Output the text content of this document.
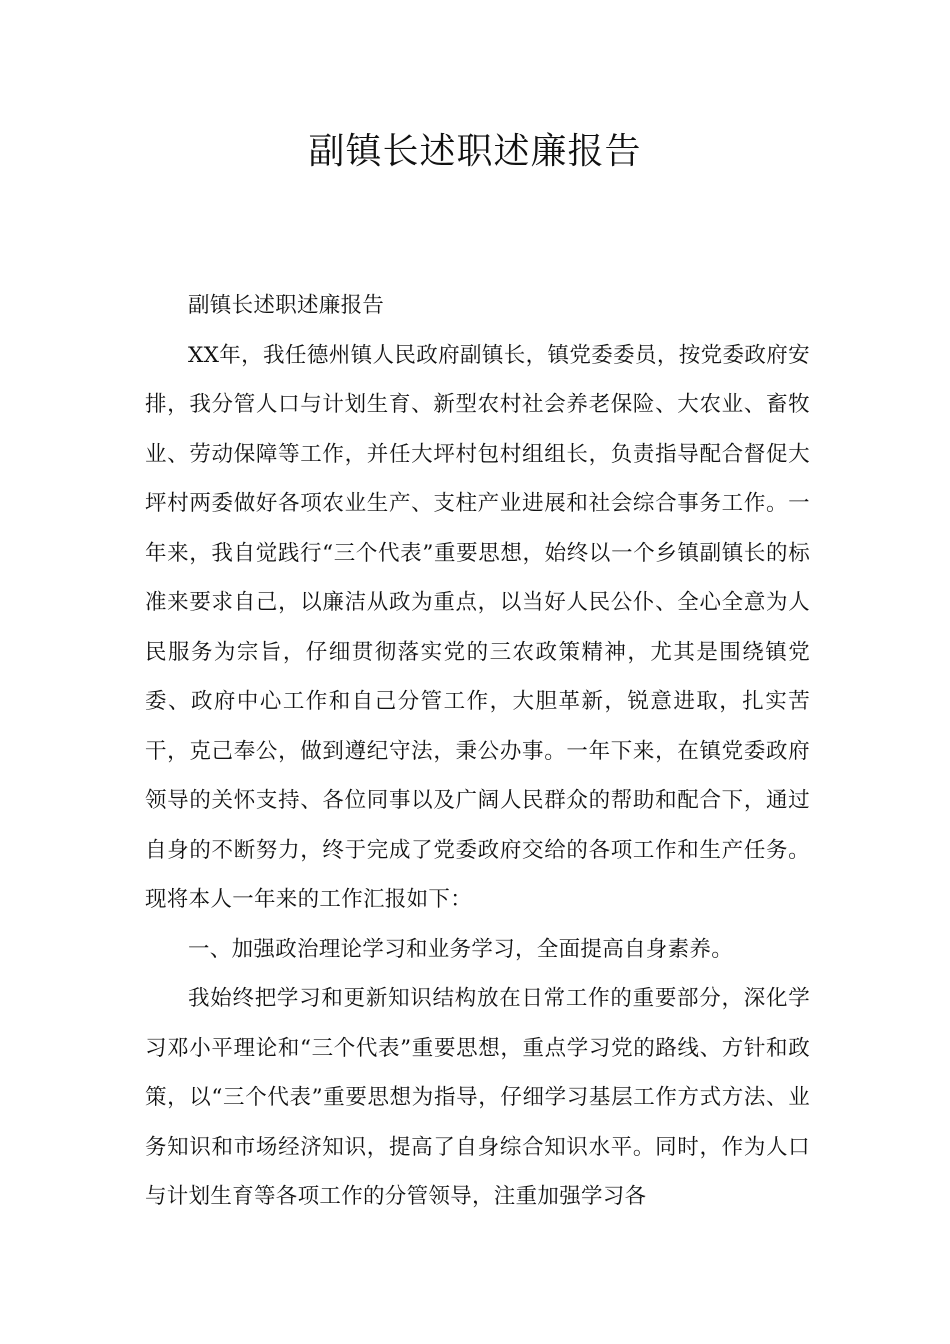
副镇长述职述廉报告

副镇长述职述廉报告

XX年，我任德州镇人民政府副镇长，镇党委委员，按党委政府安排，我分管人口与计划生育、新型农村社会养老保险、大农业、畜牧业、劳动保障等工作，并任大坪村包村组组长，负责指导配合督促大坪村两委做好各项农业生产、支柱产业进展和社会综合事务工作。一年来，我自觉践行“三个代表”重要思想，始终以一个乡镇副镇长的标准来要求自己，以廉洁从政为重点，以当好人民公仆、全心全意为人民服务为宗旨，仔细贯彻落实党的三农政策精神，尤其是围绕镇党委、政府中心工作和自己分管工作，大胆革新，锐意进取，扎实苦干，克己奉公，做到遵纪守法，秉公办事。一年下来，在镇党委政府领导的关怀支持、各位同事以及广阔人民群众的帮助和配合下，通过自身的不断努力，终于完成了党委政府交给的各项工作和生产任务。现将本人一年来的工作汇报如下：

一、加强政治理论学习和业务学习，全面提高自身素养。

我始终把学习和更新知识结构放在日常工作的重要部分，深化学习邓小平理论和“三个代表”重要思想，重点学习党的路线、方针和政策，以“三个代表”重要思想为指导，仔细学习基层工作方式方法、业务知识和市场经济知识，提高了自身综合知识水平。同时，作为人口与计划生育等各项工作的分管领导，注重加强学习各
